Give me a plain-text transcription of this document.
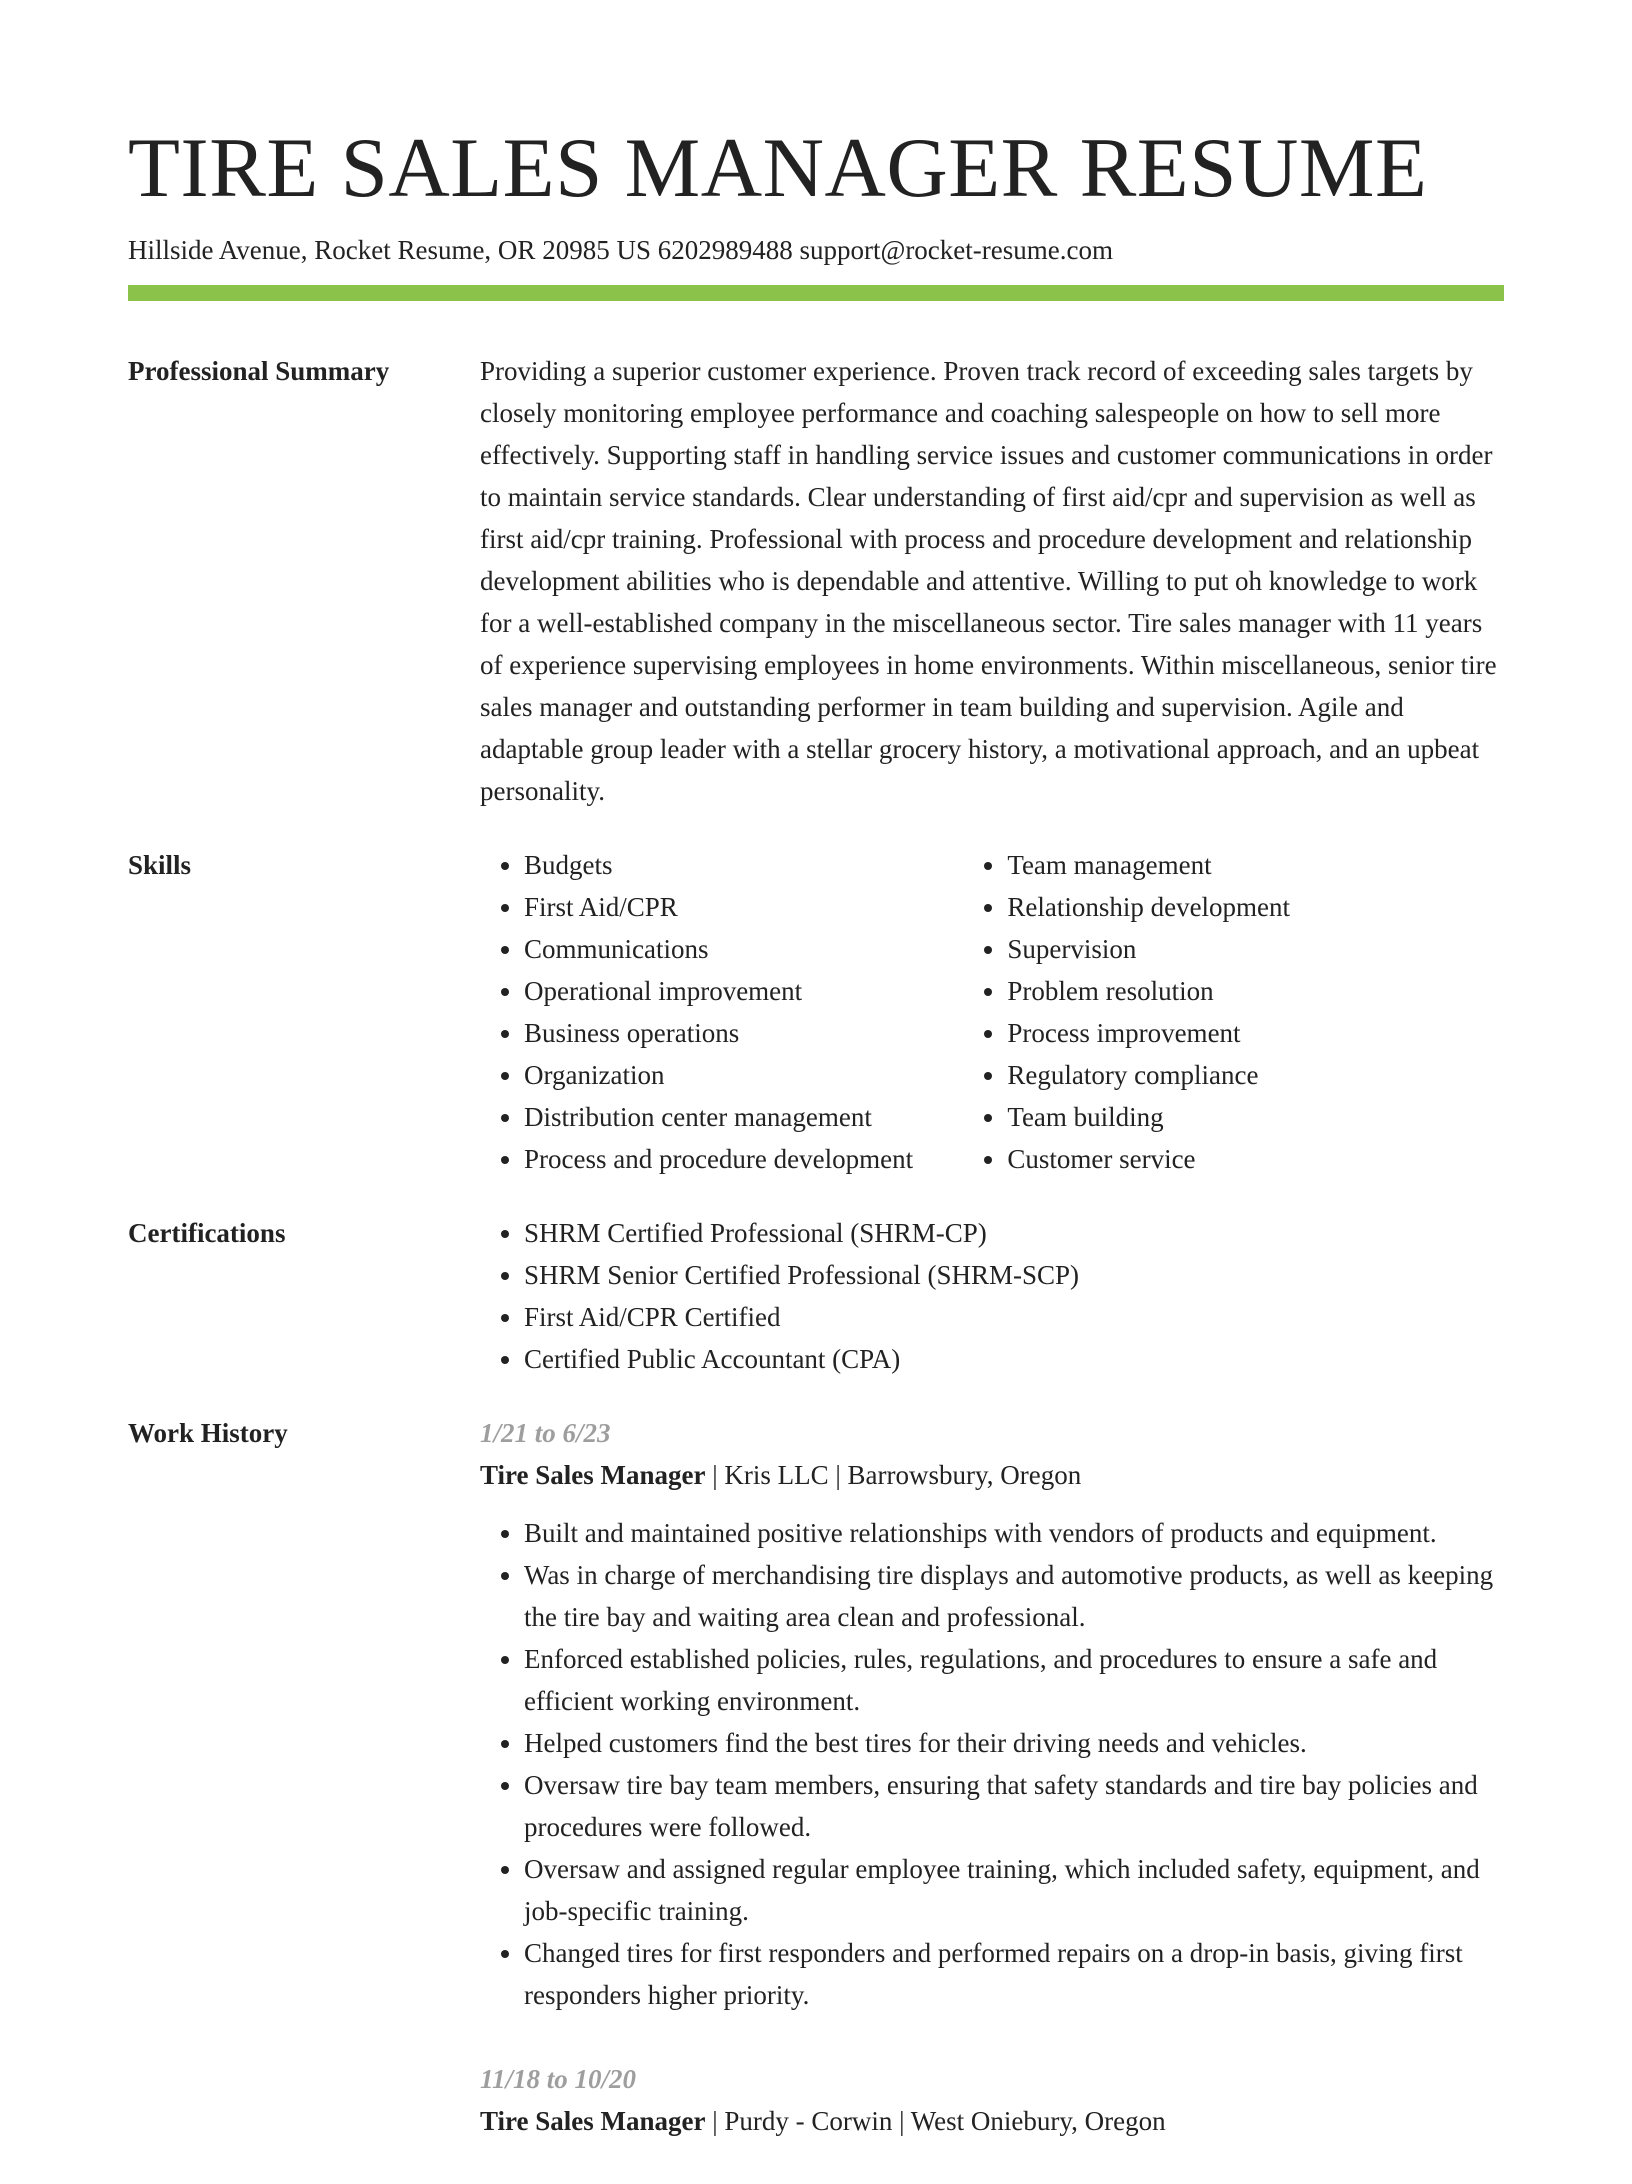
TIRE SALES MANAGER RESUME
Hillside Avenue, Rocket Resume, OR 20985 US 6202989488 support@rocket-resume.com
Professional Summary	Providing a superior customer experience. Proven track record of exceeding sales targets by closely monitoring employee performance and coaching salespeople on how to sell more effectively. Supporting staff in handling service issues and customer communications in order to maintain service standards. Clear understanding of first aid/cpr and supervision as well as first aid/cpr training. Professional with process and procedure development and relationship development abilities who is dependable and attentive. Willing to put oh knowledge to work for a well-established company in the miscellaneous sector. Tire sales manager with 11 years of experience supervising employees in home environments. Within miscellaneous, senior tire sales manager and outstanding performer in team building and supervision. Agile and adaptable group leader with a stellar grocery history, a motivational approach, and an upbeat personality.

Skills	• Budgets
• First Aid/CPR
• Communications
• Operational improvement
• Business operations
• Organization
• Distribution center management
• Process and procedure development
• Team management
• Relationship development
• Supervision
• Problem resolution
• Process improvement
• Regulatory compliance
• Team building
• Customer service
Certifications	• SHRM Certified Professional (SHRM-CP)
• SHRM Senior Certified Professional (SHRM-SCP)
• First Aid/CPR Certified
• Certified Public Accountant (CPA)
Work History	1/21 to 6/23
Tire Sales Manager | Kris LLC | Barrowsbury, Oregon
• Built and maintained positive relationships with vendors of products and equipment.
• Was in charge of merchandising tire displays and automotive products, as well as keeping the tire bay and waiting area clean and professional.
• Enforced established policies, rules, regulations, and procedures to ensure a safe and efficient working environment.
• Helped customers find the best tires for their driving needs and vehicles.
• Oversaw tire bay team members, ensuring that safety standards and tire bay policies and procedures were followed.
• Oversaw and assigned regular employee training, which included safety, equipment, and job-specific training.
• Changed tires for first responders and performed repairs on a drop-in basis, giving first responders higher priority.
11/18 to 10/20
Tire Sales Manager | Purdy - Corwin | West Oniebury, Oregon
